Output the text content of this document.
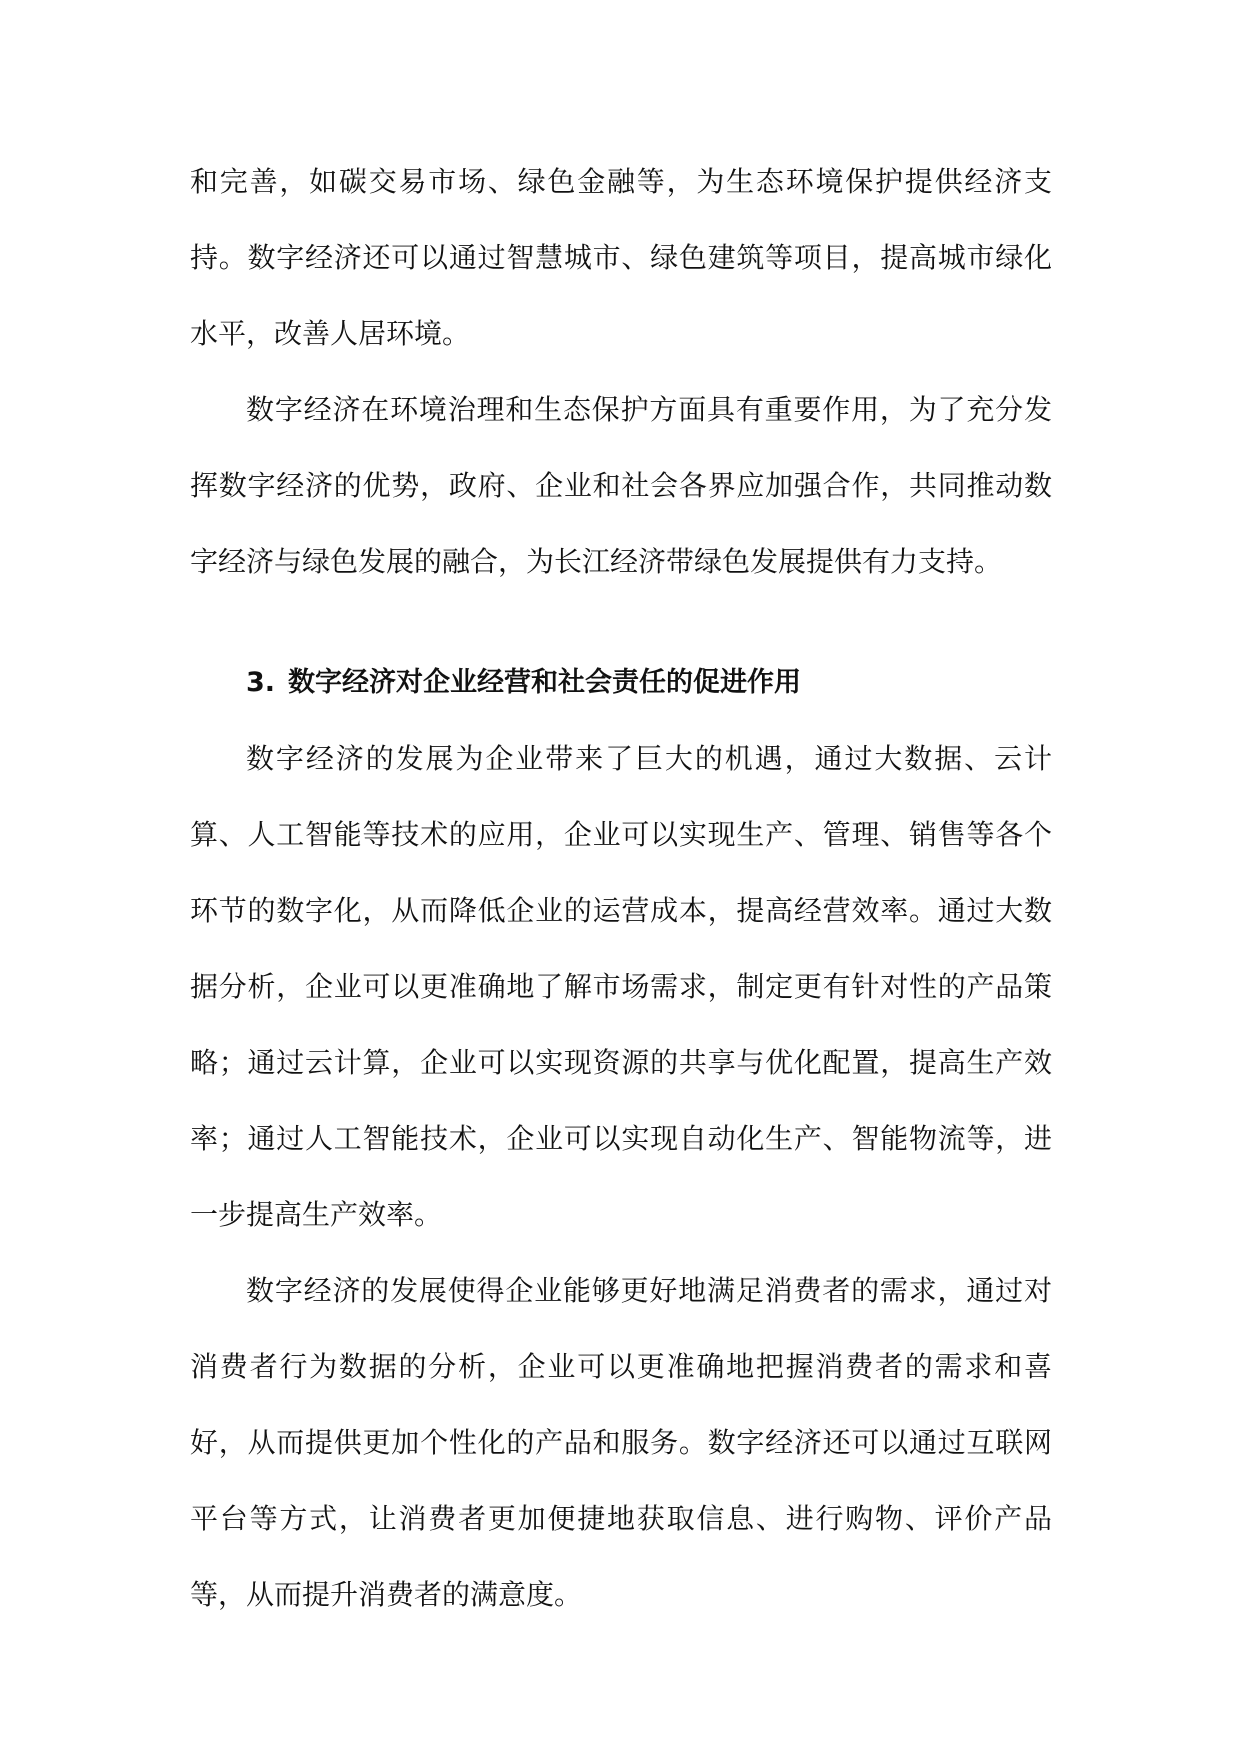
和完善，如碳交易市场、绿色金融等，为生态环境保护提供经济支持。数字经济还可以通过智慧城市、绿色建筑等项目，提高城市绿化水平，改善人居环境。

数字经济在环境治理和生态保护方面具有重要作用，为了充分发挥数字经济的优势，政府、企业和社会各界应加强合作，共同推动数字经济与绿色发展的融合，为长江经济带绿色发展提供有力支持。

3. 数字经济对企业经营和社会责任的促进作用

数字经济的发展为企业带来了巨大的机遇，通过大数据、云计算、人工智能等技术的应用，企业可以实现生产、管理、销售等各个环节的数字化，从而降低企业的运营成本，提高经营效率。通过大数据分析，企业可以更准确地了解市场需求，制定更有针对性的产品策略；通过云计算，企业可以实现资源的共享与优化配置，提高生产效率；通过人工智能技术，企业可以实现自动化生产、智能物流等，进一步提高生产效率。

数字经济的发展使得企业能够更好地满足消费者的需求，通过对消费者行为数据的分析，企业可以更准确地把握消费者的需求和喜好，从而提供更加个性化的产品和服务。数字经济还可以通过互联网平台等方式，让消费者更加便捷地获取信息、进行购物、评价产品等，从而提升消费者的满意度。
